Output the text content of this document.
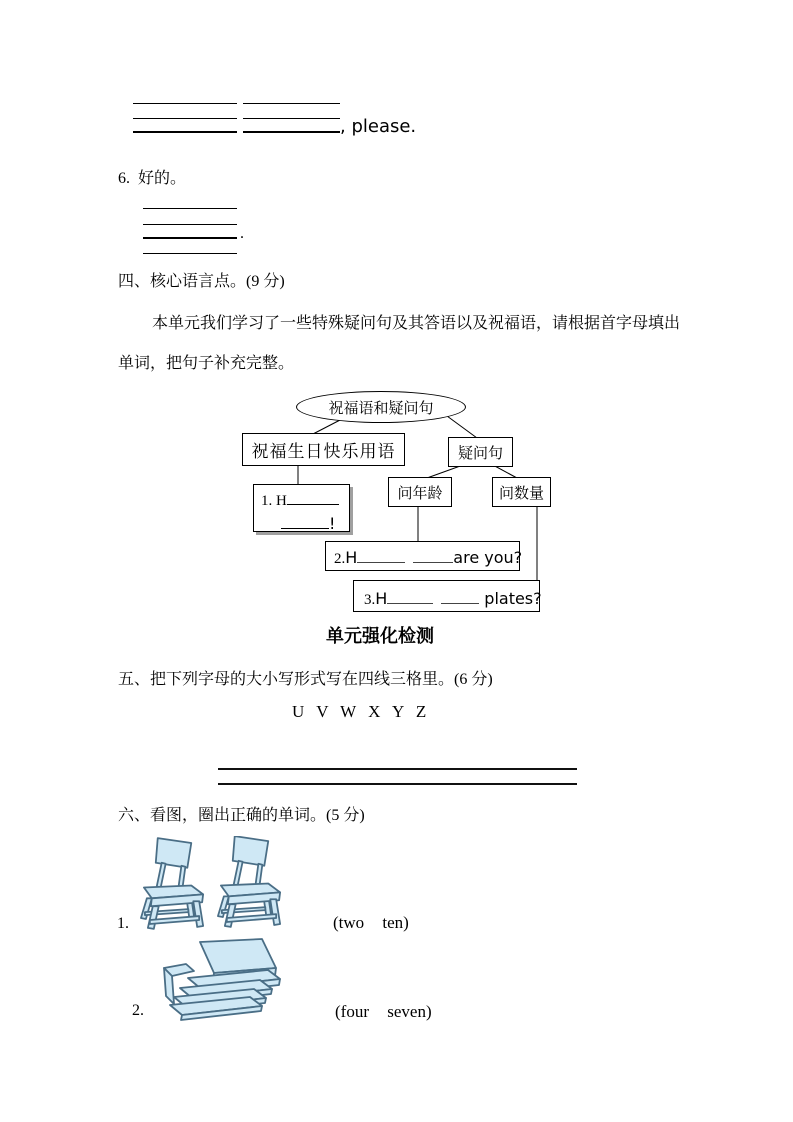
, please.
6. 好的。
.
四、核心语言点。(9 分)
本单元我们学习了一些特殊疑问句及其答语以及祝福语，请根据首字母填出
单词，把句子补充完整。
祝福语和疑问句
祝福生日快乐用语	疑问句
问年龄	问数量
1. H
!
2.H	are you?
3.H	plates?
单元强化检测
五、把下列字母的大小写形式写在四线三格里。(6 分)
U V W X Y Z
六、看图，圈出正确的单词。(5 分)
1.	(two ten)
2.	(four seven)
